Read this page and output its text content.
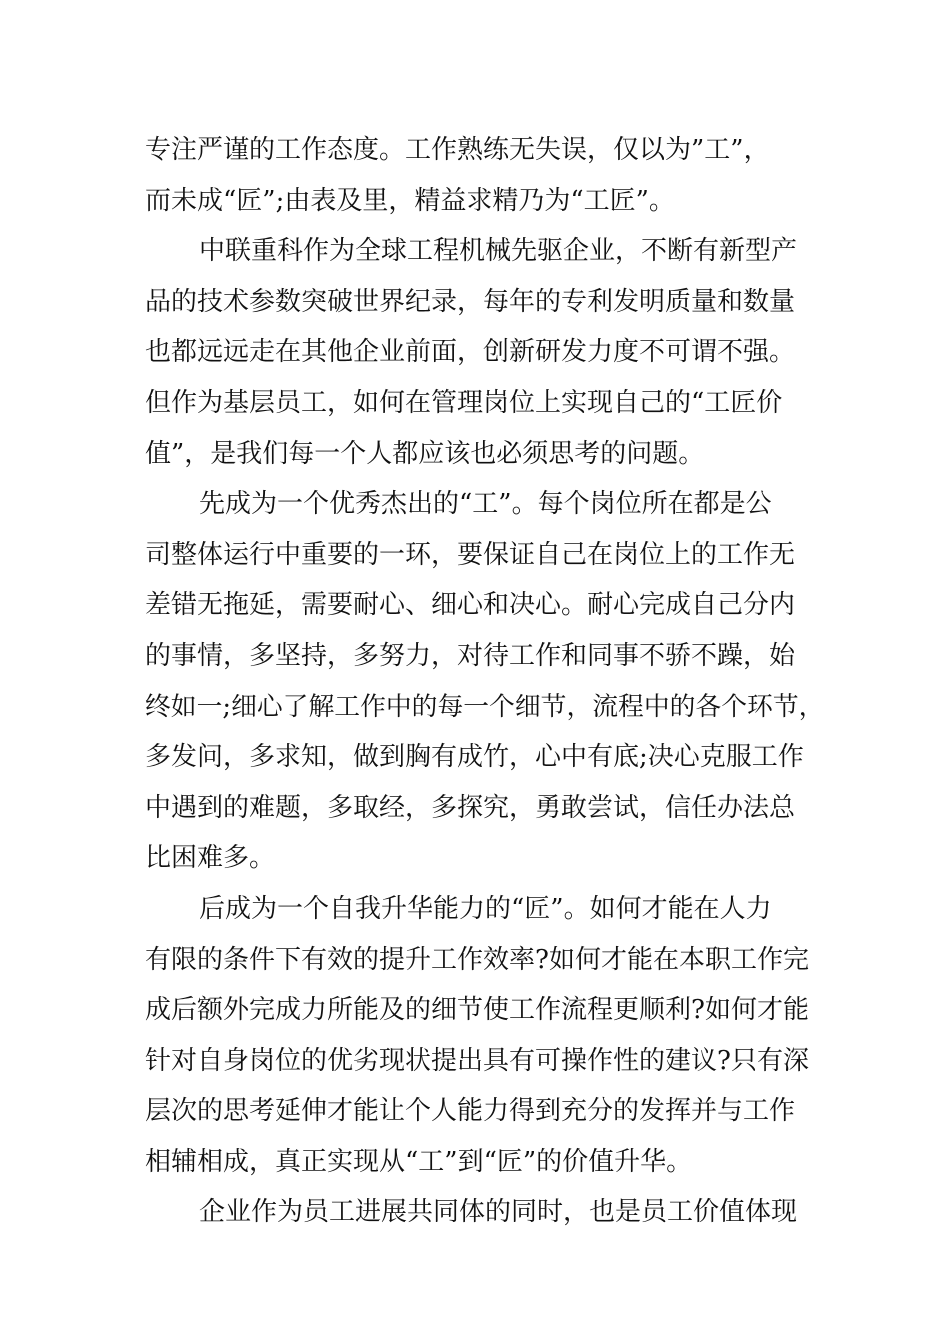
专注严谨的工作态度。工作熟练无失误，仅以为”工”，
而未成“匠”;由表及里，精益求精乃为“工匠”。
中联重科作为全球工程机械先驱企业，不断有新型产
品的技术参数突破世界纪录，每年的专利发明质量和数量
也都远远走在其他企业前面，创新研发力度不可谓不强。
但作为基层员工，如何在管理岗位上实现自己的“工匠价
值”，是我们每一个人都应该也必须思考的问题。
先成为一个优秀杰出的“工”。每个岗位所在都是公
司整体运行中重要的一环，要保证自己在岗位上的工作无
差错无拖延，需要耐心、细心和决心。耐心完成自己分内
的事情，多坚持，多努力，对待工作和同事不骄不躁，始
终如一;细心了解工作中的每一个细节，流程中的各个环节，
多发问，多求知，做到胸有成竹，心中有底;决心克服工作
中遇到的难题，多取经，多探究，勇敢尝试，信任办法总
比困难多。
后成为一个自我升华能力的“匠”。如何才能在人力
有限的条件下有效的提升工作效率?如何才能在本职工作完
成后额外完成力所能及的细节使工作流程更顺利?如何才能
针对自身岗位的优劣现状提出具有可操作性的建议?只有深
层次的思考延伸才能让个人能力得到充分的发挥并与工作
相辅相成，真正实现从“工”到“匠”的价值升华。
企业作为员工进展共同体的同时，也是员工价值体现
